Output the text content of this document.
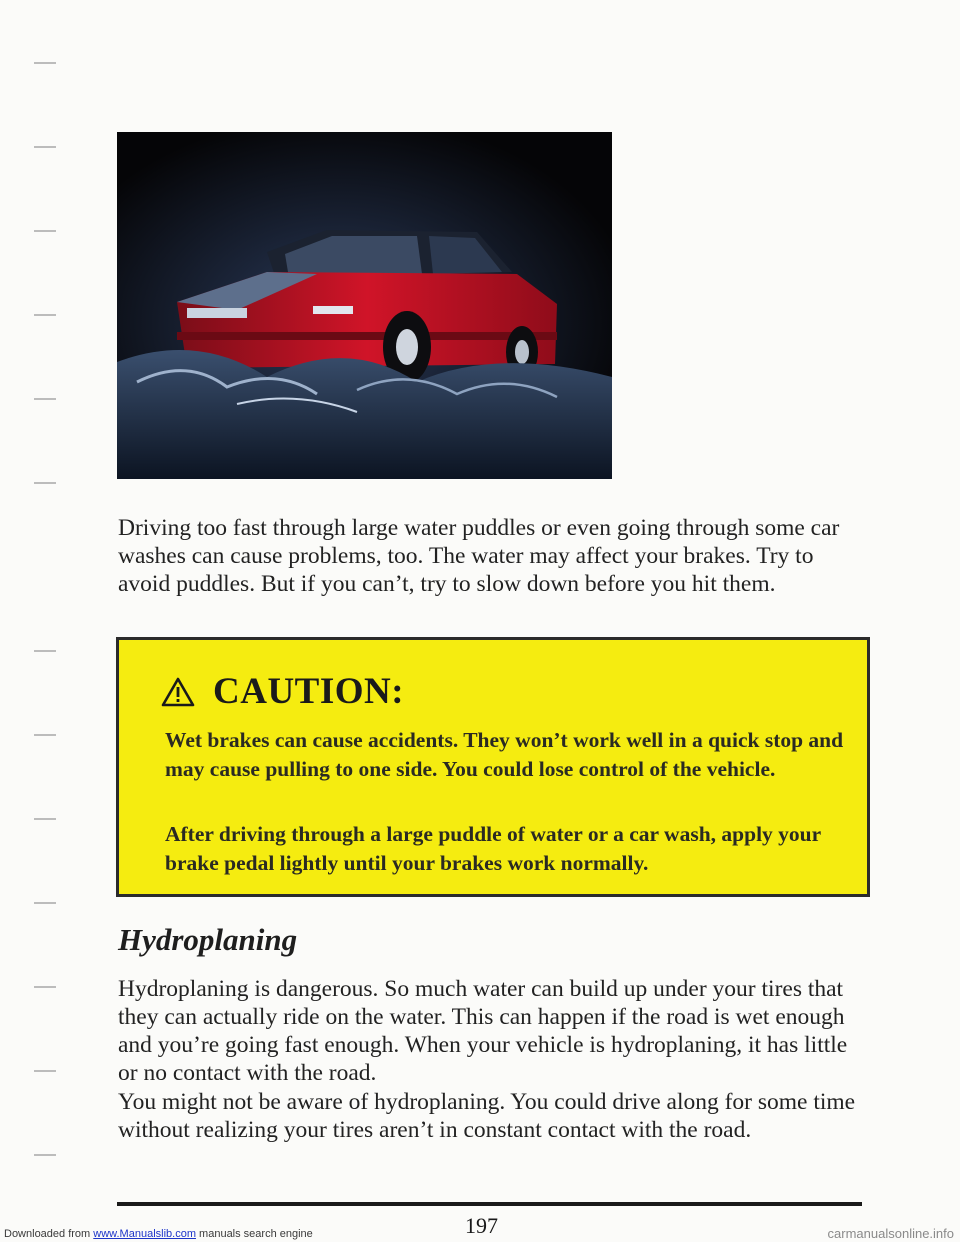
Driving too fast through large water puddles or even going through some car washes can cause problems, too. The water may affect your brakes. Try to avoid puddles. But if you can’t, try to slow down before you hit them.

CAUTION:

Wet brakes can cause accidents. They won’t work well in a quick stop and may cause pulling to one side. You could lose control of the vehicle.

After driving through a large puddle of water or a car wash, apply your brake pedal lightly until your brakes work normally.

Hydroplaning

Hydroplaning is dangerous. So much water can build up under your tires that they can actually ride on the water. This can happen if the road is wet enough and you’re going fast enough. When your vehicle is hydroplaning, it has little or no contact with the road.

You might not be aware of hydroplaning. You could drive along for some time without realizing your tires aren’t in constant contact with the road.

197
Downloaded from www.Manualslib.com manuals search engine	carmanualsonline.info
